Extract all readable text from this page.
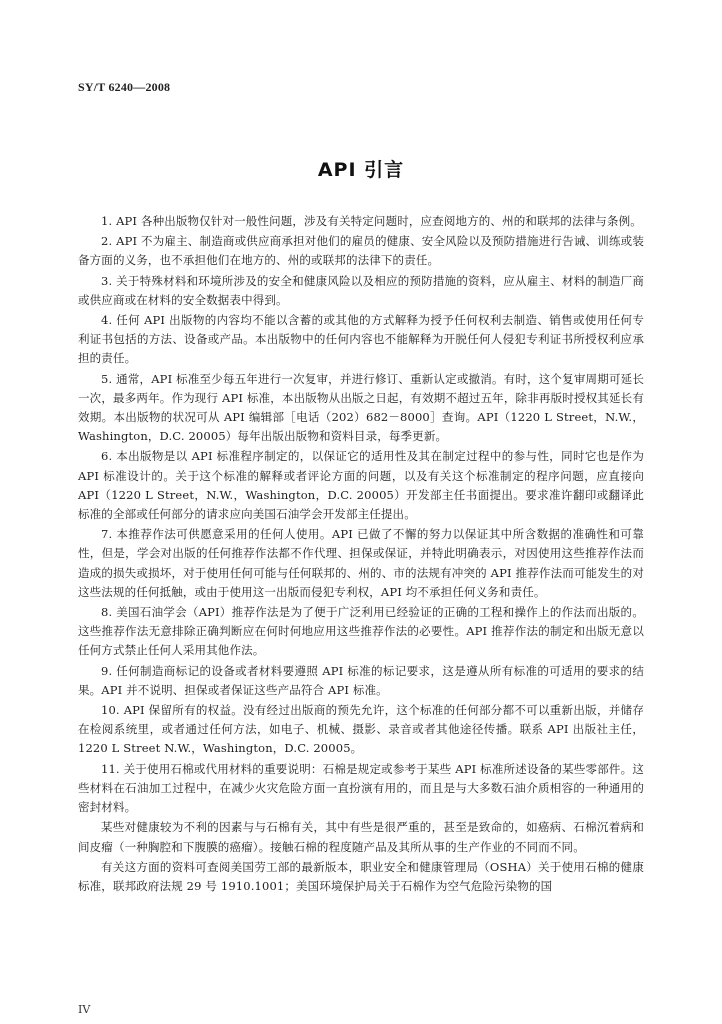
SY/T 6240—2008
API 引言

1. API 各种出版物仅针对一般性问题，涉及有关特定问题时，应查阅地方的、州的和联邦的法律与条例。

2. API 不为雇主、制造商或供应商承担对他们的雇员的健康、安全风险以及预防措施进行告诫、训练或装备方面的义务，也不承担他们在地方的、州的或联邦的法律下的责任。

3. 关于特殊材料和环境所涉及的安全和健康风险以及相应的预防措施的资料，应从雇主、材料的制造厂商或供应商或在材料的安全数据表中得到。

4. 任何 API 出版物的内容均不能以含蓄的或其他的方式解释为授予任何权利去制造、销售或使用任何专利证书包括的方法、设备或产品。本出版物中的任何内容也不能解释为开脱任何人侵犯专利证书所授权利应承担的责任。

5. 通常，API 标准至少每五年进行一次复审，并进行修订、重新认定或撤消。有时，这个复审周期可延长一次，最多两年。作为现行 API 标准，本出版物从出版之日起，有效期不超过五年，除非再版时授权其延长有效期。本出版物的状况可从 API 编辑部［电话（202）682－8000］查询。API（1220 L Street，N.W.，Washington，D.C. 20005）每年出版出版物和资料目录，每季更新。

6. 本出版物是以 API 标准程序制定的，以保证它的适用性及其在制定过程中的参与性，同时它也是作为 API 标准设计的。关于这个标准的解释或者评论方面的问题，以及有关这个标准制定的程序问题，应直接向 API（1220 L Street，N.W.，Washington，D.C. 20005）开发部主任书面提出。要求准许翻印或翻译此标准的全部或任何部分的请求应向美国石油学会开发部主任提出。

7. 本推荐作法可供愿意采用的任何人使用。API 已做了不懈的努力以保证其中所含数据的准确性和可靠性，但是，学会对出版的任何推荐作法都不作代理、担保或保证，并特此明确表示，对因使用这些推荐作法而造成的损失或损坏，对于使用任何可能与任何联邦的、州的、市的法规有冲突的 API 推荐作法而可能发生的对这些法规的任何抵触，或由于使用这一出版而侵犯专利权，API 均不承担任何义务和责任。

8. 美国石油学会（API）推荐作法是为了便于广泛利用已经验证的正确的工程和操作上的作法而出版的。这些推荐作法无意排除正确判断应在何时何地应用这些推荐作法的必要性。API 推荐作法的制定和出版无意以任何方式禁止任何人采用其他作法。

9. 任何制造商标记的设备或者材料要遵照 API 标准的标记要求，这是遵从所有标准的可适用的要求的结果。API 并不说明、担保或者保证这些产品符合 API 标准。

10. API 保留所有的权益。没有经过出版商的预先允许，这个标准的任何部分都不可以重新出版，并储存在检阅系统里，或者通过任何方法，如电子、机械、摄影、录音或者其他途径传播。联系 API 出版社主任，1220 L Street N.W.，Washington，D.C. 20005。

11. 关于使用石棉或代用材料的重要说明：石棉是规定或参考于某些 API 标准所述设备的某些零部件。这些材料在石油加工过程中，在减少火灾危险方面一直扮演有用的，而且是与大多数石油介质相容的一种通用的密封材料。

某些对健康较为不利的因素与与石棉有关，其中有些是很严重的，甚至是致命的，如癌病、石棉沉着病和间皮瘤（一种胸腔和下腹膜的癌瘤）。接触石棉的程度随产品及其所从事的生产作业的不同而不同。

有关这方面的资料可查阅美国劳工部的最新版本，职业安全和健康管理局（OSHA）关于使用石棉的健康标准，联邦政府法规 29 号 1910.1001；美国环境保护局关于石棉作为空气危险污染物的国

IV
